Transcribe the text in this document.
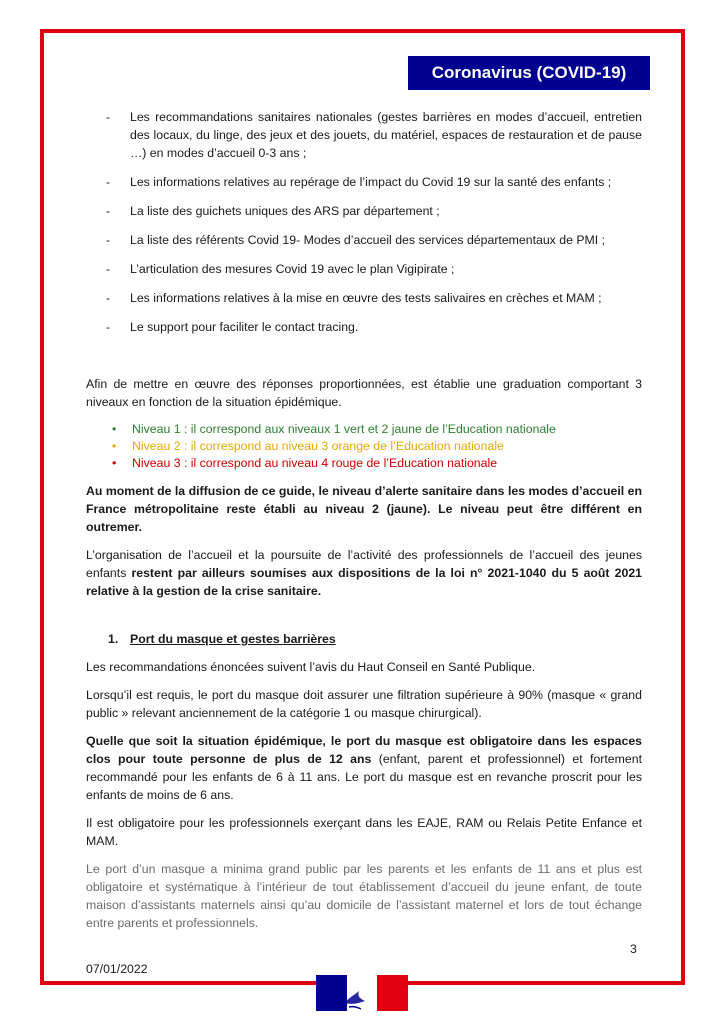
Coronavirus (COVID-19)
- Les recommandations sanitaires nationales (gestes barrières en modes d’accueil, entretien des locaux, du linge, des jeux et des jouets, du matériel, espaces de restauration et de pause …) en modes d’accueil 0-3 ans ;
- Les informations relatives au repérage de l’impact du Covid 19 sur la santé des enfants ;
- La liste des guichets uniques des ARS par département ;
- La liste des référents Covid 19- Modes d’accueil des services départementaux de PMI ;
- L’articulation des mesures Covid 19 avec le plan Vigipirate ;
- Les informations relatives à la mise en œuvre des tests salivaires en crèches et MAM ;
- Le support pour faciliter le contact tracing.

Afin de mettre en œuvre des réponses proportionnées, est établie une graduation comportant 3 niveaux en fonction de la situation épidémique.

• Niveau 1 : il correspond aux niveaux 1 vert et 2 jaune de l’Education nationale
• Niveau 2 : il correspond au niveau 3 orange de l’Education nationale
• Niveau 3 : il correspond au niveau 4 rouge de l’Education nationale

Au moment de la diffusion de ce guide, le niveau d’alerte sanitaire dans les modes d’accueil en France métropolitaine reste établi au niveau 2 (jaune). Le niveau peut être différent en outremer.

L’organisation de l’accueil et la poursuite de l’activité des professionnels de l’accueil des jeunes enfants restent par ailleurs soumises aux dispositions de la loi n° 2021-1040 du 5 août 2021 relative à la gestion de la crise sanitaire.

1. Port du masque et gestes barrières

Les recommandations énoncées suivent l’avis du Haut Conseil en Santé Publique.

Lorsqu’il est requis, le port du masque doit assurer une filtration supérieure à 90% (masque « grand public » relevant anciennement de la catégorie 1 ou masque chirurgical).

Quelle que soit la situation épidémique, le port du masque est obligatoire dans les espaces clos pour toute personne de plus de 12 ans (enfant, parent et professionnel) et fortement recommandé pour les enfants de 6 à 11 ans. Le port du masque est en revanche proscrit pour les enfants de moins de 6 ans.

Il est obligatoire pour les professionnels exerçant dans les EAJE, RAM ou Relais Petite Enfance et MAM.

Le port d’un masque a minima grand public par les parents et les enfants de 11 ans et plus est obligatoire et systématique à l’intérieur de tout établissement d’accueil du jeune enfant, de toute maison d’assistants maternels ainsi qu’au domicile de l’assistant maternel et lors de tout échange entre parents et professionnels.

3
07/01/2022
